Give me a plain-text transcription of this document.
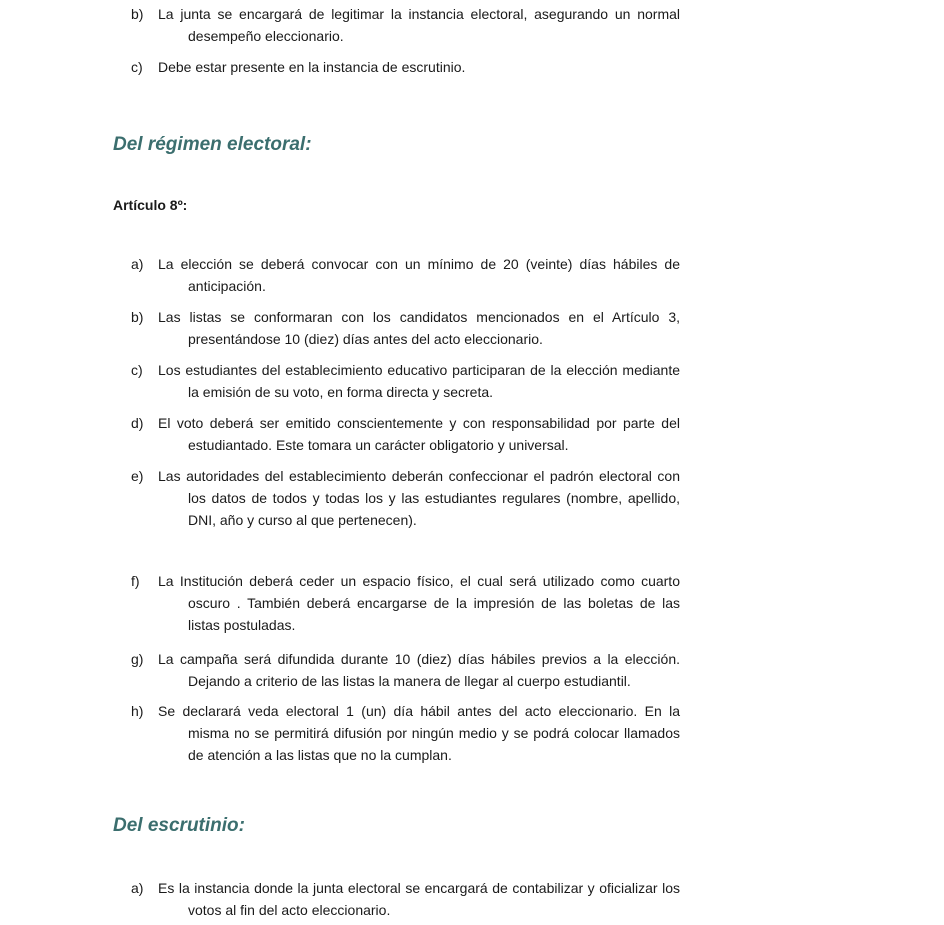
b)	La junta se encargará de legitimar la instancia electoral, asegurando un normal desempeño eleccionario.
c)	Debe estar presente en la instancia de escrutinio.
Del régimen electoral:
Artículo 8º:
a)	La elección se deberá convocar con un mínimo de 20 (veinte) días hábiles de anticipación.
b)	Las listas se conformaran con los candidatos mencionados en el Artículo 3, presentándose 10 (diez) días antes del acto eleccionario.
c)	Los estudiantes del establecimiento educativo participaran de la elección mediante la emisión de su voto, en forma directa y secreta.
d)	El voto deberá ser emitido conscientemente y con responsabilidad por parte del estudiantado. Este tomara un carácter obligatorio y universal.
e)	Las autoridades del establecimiento deberán confeccionar el padrón electoral con los datos de todos y todas los y las estudiantes regulares (nombre, apellido, DNI, año y curso al que pertenecen).
f)	La Institución deberá ceder un espacio físico, el cual será utilizado como cuarto oscuro . También deberá encargarse de la impresión de las boletas de las listas postuladas.
g)	La campaña será difundida durante 10 (diez) días hábiles previos a la elección. Dejando a criterio de las listas la manera de llegar al cuerpo estudiantil.
h)	Se declarará veda electoral 1 (un) día hábil antes del acto eleccionario. En la misma no se permitirá difusión por ningún medio y se podrá colocar llamados de atención a las listas que no la cumplan.
Del escrutinio:
a)	Es la instancia donde la junta electoral se encargará de contabilizar y oficializar los votos al fin del acto eleccionario.
